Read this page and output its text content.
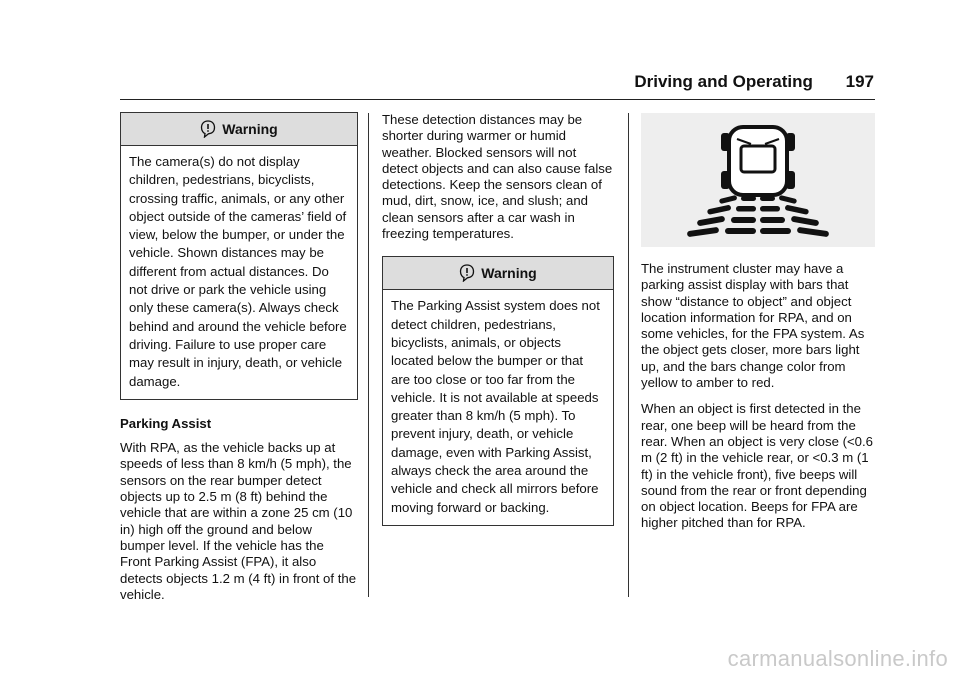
Driving and Operating 197
Warning

The camera(s) do not display children, pedestrians, bicyclists, crossing traffic, animals, or any other object outside of the cameras’ field of view, below the bumper, or under the vehicle. Shown distances may be different from actual distances. Do not drive or park the vehicle using only these camera(s). Always check behind and around the vehicle before driving. Failure to use proper care may result in injury, death, or vehicle damage.

Parking Assist

With RPA, as the vehicle backs up at speeds of less than 8 km/h (5 mph), the sensors on the rear bumper detect objects up to 2.5 m (8 ft) behind the vehicle that are within a zone 25 cm (10 in) high off the ground and below bumper level. If the vehicle has the Front Parking Assist (FPA), it also detects objects 1.2 m (4 ft) in front of the vehicle.

These detection distances may be shorter during warmer or humid weather. Blocked sensors will not detect objects and can also cause false detections. Keep the sensors clean of mud, dirt, snow, ice, and slush; and clean sensors after a car wash in freezing temperatures.

Warning

The Parking Assist system does not detect children, pedestrians, bicyclists, animals, or objects located below the bumper or that are too close or too far from the vehicle. It is not available at speeds greater than 8 km/h (5 mph). To prevent injury, death, or vehicle damage, even with Parking Assist, always check the area around the vehicle and check all mirrors before moving forward or backing.

The instrument cluster may have a parking assist display with bars that show “distance to object” and object location information for RPA, and on some vehicles, for the FPA system. As the object gets closer, more bars light up, and the bars change color from yellow to amber to red.

When an object is first detected in the rear, one beep will be heard from the rear. When an object is very close (<0.6 m (2 ft) in the vehicle rear, or <0.3 m (1 ft) in the vehicle front), five beeps will sound from the rear or front depending on object location. Beeps for FPA are higher pitched than for RPA.

carmanualsonline.info
